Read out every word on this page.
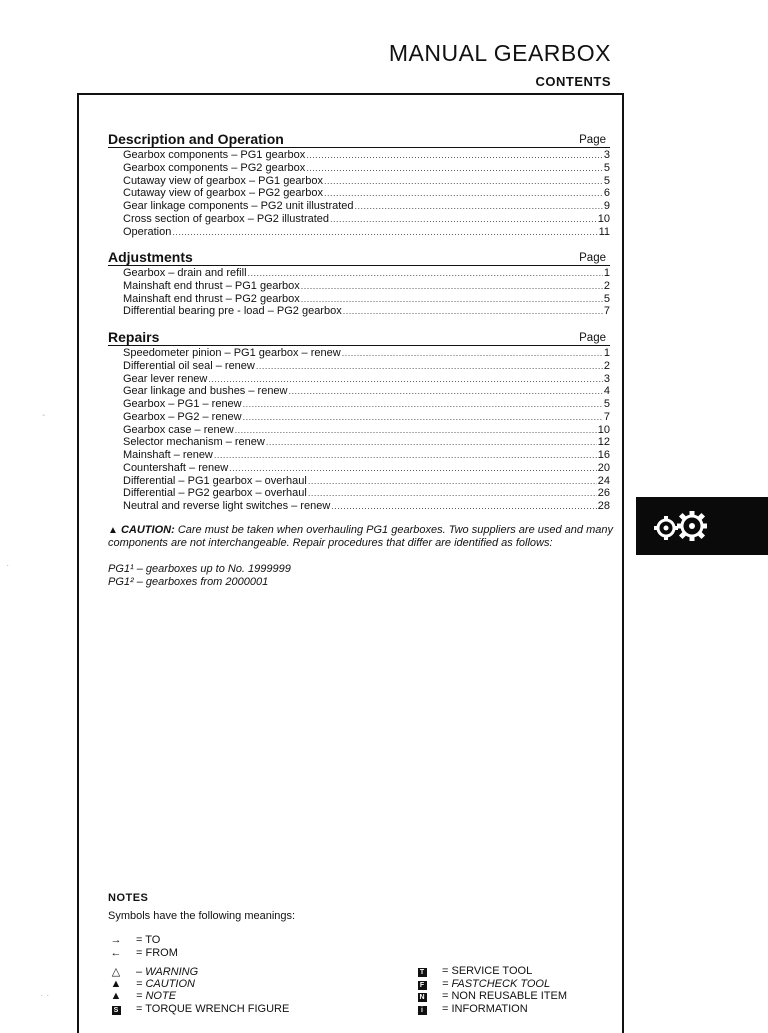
MANUAL GEARBOX
CONTENTS
Description and Operation	Page
Gearbox components – PG1 gearbox .....	3
Gearbox components – PG2 gearbox .....	5
Cutaway view of gearbox – PG1 gearbox .....	5
Cutaway view of gearbox – PG2 gearbox .....	6
Gear linkage components – PG2 unit illustrated .....	9
Cross section of gearbox – PG2 illustrated .....	10
Operation .....	11
Adjustments	Page
Gearbox – drain and refill .....	1
Mainshaft end thrust – PG1 gearbox .....	2
Mainshaft end thrust – PG2 gearbox .....	5
Differential bearing pre - load – PG2 gearbox .....	7
Repairs	Page
Speedometer pinion – PG1 gearbox – renew .....	1
Differential oil seal – renew .....	2
Gear lever renew .....	3
Gear linkage and bushes – renew .....	4
Gearbox – PG1 – renew .....	5
Gearbox – PG2 – renew .....	7
Gearbox case – renew .....	10
Selector mechanism – renew .....	12
Mainshaft – renew .....	16
Countershaft – renew .....	20
Differential – PG1 gearbox – overhaul .....	24
Differential – PG2 gearbox – overhaul .....	26
Neutral and reverse light switches – renew .....	28
▲ CAUTION: Care must be taken when overhauling PG1 gearboxes. Two suppliers are used and many components are not interchangeable. Repair procedures that differ are identified as follows:
PG1¹ – gearboxes up to No. 1999999
PG1² – gearboxes from 2000001
NOTES
Symbols have the following meanings:
→ = TO
← = FROM
△	– WARNING
▲ = CAUTION
▲ = NOTE
S	= TORQUE WRENCH FIGURE
T	= SERVICE TOOL
F	= FASTCHECK TOOL
N	= NON REUSABLE ITEM
i	= INFORMATION
-
·
· ·
